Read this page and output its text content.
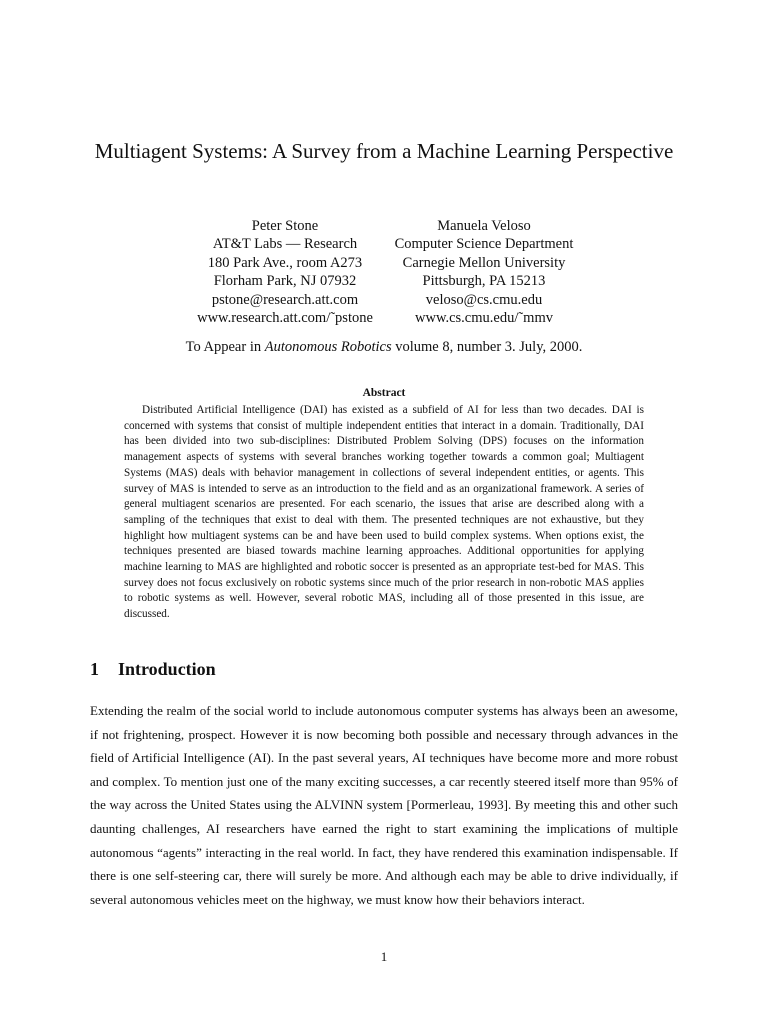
Multiagent Systems: A Survey from a Machine Learning Perspective
Peter Stone
AT&T Labs — Research
180 Park Ave., room A273
Florham Park, NJ 07932
pstone@research.att.com
www.research.att.com/˜pstone
Manuela Veloso
Computer Science Department
Carnegie Mellon University
Pittsburgh, PA 15213
veloso@cs.cmu.edu
www.cs.cmu.edu/˜mmv
To Appear in Autonomous Robotics volume 8, number 3. July, 2000.
Abstract
Distributed Artificial Intelligence (DAI) has existed as a subfield of AI for less than two decades. DAI is concerned with systems that consist of multiple independent entities that interact in a domain. Traditionally, DAI has been divided into two sub-disciplines: Distributed Problem Solving (DPS) focuses on the information management aspects of systems with several branches working together towards a common goal; Multiagent Systems (MAS) deals with behavior management in collections of several independent entities, or agents. This survey of MAS is intended to serve as an introduction to the field and as an organizational framework. A series of general multiagent scenarios are presented. For each scenario, the issues that arise are described along with a sampling of the techniques that exist to deal with them. The presented techniques are not exhaustive, but they highlight how multiagent systems can be and have been used to build complex systems. When options exist, the techniques presented are biased towards machine learning approaches. Additional opportunities for applying machine learning to MAS are highlighted and robotic soccer is presented as an appropriate test-bed for MAS. This survey does not focus exclusively on robotic systems since much of the prior research in non-robotic MAS applies to robotic systems as well. However, several robotic MAS, including all of those presented in this issue, are discussed.
1 Introduction
Extending the realm of the social world to include autonomous computer systems has always been an awesome, if not frightening, prospect. However it is now becoming both possible and necessary through advances in the field of Artificial Intelligence (AI). In the past several years, AI techniques have become more and more robust and complex. To mention just one of the many exciting successes, a car recently steered itself more than 95% of the way across the United States using the ALVINN system [Pormerleau, 1993]. By meeting this and other such daunting challenges, AI researchers have earned the right to start examining the implications of multiple autonomous “agents” interacting in the real world. In fact, they have rendered this examination indispensable. If there is one self-steering car, there will surely be more. And although each may be able to drive individually, if several autonomous vehicles meet on the highway, we must know how their behaviors interact.
1
